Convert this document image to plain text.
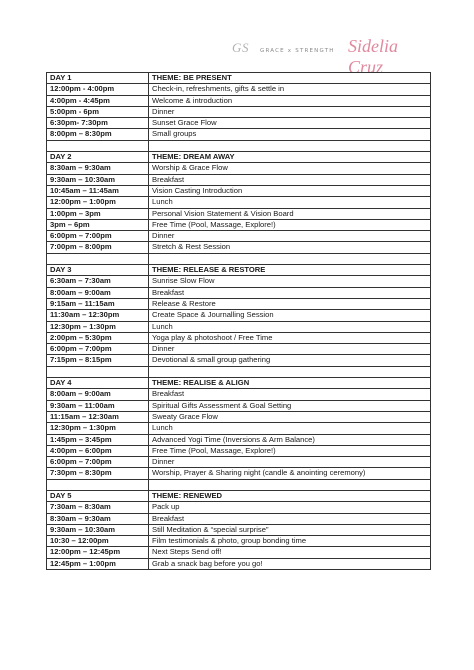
G S GRACE x STRENGTH Sidelia Cruz
DAY 1	THEME: BE PRESENT
12:00pm - 4:00pm	Check-in, refreshments, gifts & settle in
4:00pm - 4:45pm	Welcome & introduction
5:00pm - 6pm	Dinner
6:30pm- 7:30pm	Sunset Grace Flow
8:00pm – 8:30pm	Small groups

DAY 2	THEME: DREAM AWAY
8:30am – 9:30am	Worship & Grace Flow
9:30am – 10:30am	Breakfast
10:45am – 11:45am	Vision Casting Introduction
12:00pm – 1:00pm	Lunch
1:00pm – 3pm	Personal Vision Statement & Vision Board
3pm – 6pm	Free Time (Pool, Massage, Explore!)
6:00pm – 7:00pm	Dinner
7:00pm – 8:00pm	Stretch & Rest Session

DAY 3	THEME: RELEASE & RESTORE
6:30am – 7:30am	Sunrise Slow Flow
8:00am – 9:00am	Breakfast
9:15am – 11:15am	Release & Restore
11:30am – 12:30pm	Create Space & Journalling Session
12:30pm – 1:30pm	Lunch
2:00pm – 5:30pm	Yoga play & photoshoot / Free Time
6:00pm – 7:00pm	Dinner
7:15pm – 8:15pm	Devotional & small group gathering

DAY 4	THEME: REALISE & ALIGN
8:00am – 9:00am	Breakfast
9:30am – 11:00am	Spiritual Gifts Assessment & Goal Setting
11:15am – 12:30am	Sweaty Grace Flow
12:30pm – 1:30pm	Lunch
1:45pm – 3:45pm	Advanced Yogi Time (Inversions & Arm Balance)
4:00pm – 6:00pm	Free Time (Pool, Massage, Explore!)
6:00pm – 7:00pm	Dinner
7:30pm – 8:30pm	Worship, Prayer & Sharing night (candle & anointing ceremony)

DAY 5	THEME: RENEWED
7:30am – 8:30am	Pack up
8:30am – 9:30am	Breakfast
9:30am – 10:30am	Still Meditation & “special surprise”
10:30 – 12:00pm	Film testimonials & photo, group bonding time
12:00pm – 12:45pm	Next Steps Send off!
12:45pm – 1:00pm	Grab a snack bag before you go!
